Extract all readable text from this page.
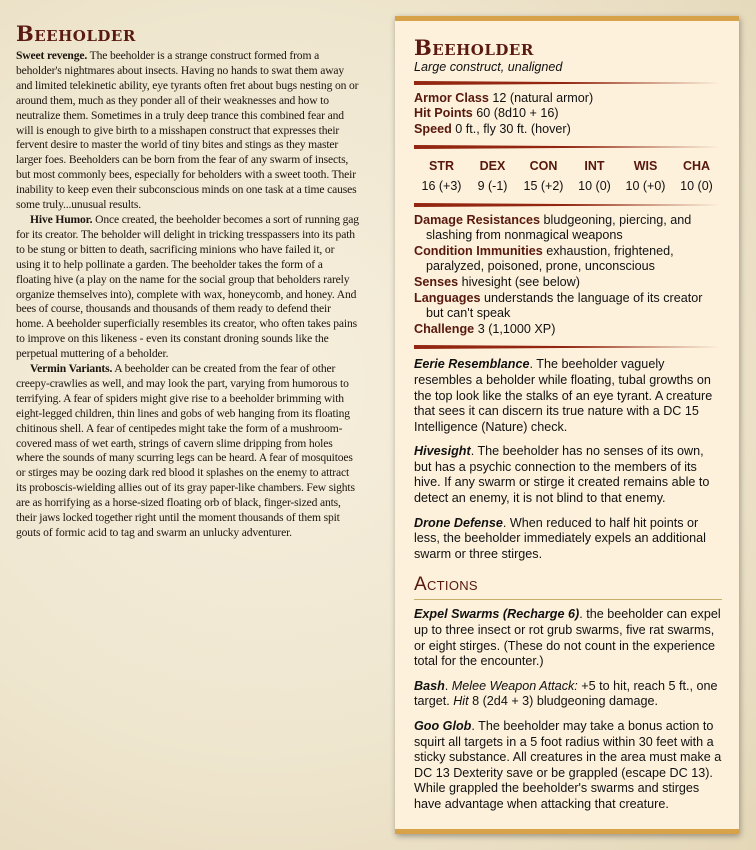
Beeholder

Sweet revenge. The beeholder is a strange construct formed from a beholder's nightmares about insects. Having no hands to swat them away and limited telekinetic ability, eye tyrants often fret about bugs nesting on or around them, much as they ponder all of their weaknesses and how to neutralize them. Sometimes in a truly deep trance this combined fear and will is enough to give birth to a misshapen construct that expresses their fervent desire to master the world of tiny bites and stings as they master larger foes. Beeholders can be born from the fear of any swarm of insects, but most commonly bees, especially for beholders with a sweet tooth. Their inability to keep even their subconscious minds on one task at a time causes some truly...unusual results.

Hive Humor. Once created, the beeholder becomes a sort of running gag for its creator. The beholder will delight in tricking tresspassers into its path to be stung or bitten to death, sacrificing minions who have failed it, or using it to help pollinate a garden. The beeholder takes the form of a floating hive (a play on the name for the social group that beholders rarely organize themselves into), complete with wax, honeycomb, and honey. And bees of course, thousands and thousands of them ready to defend their home. A beeholder superficially resembles its creator, who often takes pains to improve on this likeness - even its constant droning sounds like the perpetual muttering of a beholder.

Vermin Variants. A beeholder can be created from the fear of other creepy-crawlies as well, and may look the part, varying from humorous to terrifying. A fear of spiders might give rise to a beeholder brimming with eight-legged children, thin lines and gobs of web hanging from its floating chitinous shell. A fear of centipedes might take the form of a mushroom-covered mass of wet earth, strings of cavern slime dripping from holes where the sounds of many scurring legs can be heard. A fear of mosquitoes or stirges may be oozing dark red blood it splashes on the enemy to attract its proboscis-wielding allies out of its gray paper-like chambers. Few sights are as horrifying as a horse-sized floating orb of black, finger-sized ants, their jaws locked together right until the moment thousands of them spit gouts of formic acid to tag and swarm an unlucky adventurer.

Beeholder
Large construct, unaligned

Armor Class 12 (natural armor)

Hit Points 60 (8d10 + 16)

Speed 0 ft., fly 30 ft. (hover)

STR
16 (+3)
DEX
9 (-1)
CON
15 (+2)
INT
10 (0)
WIS
10 (+0)
CHA
10 (0)

Damage Resistances bludgeoning, piercing, and slashing from nonmagical weapons

Condition Immunities exhaustion, frightened, paralyzed, poisoned, prone, unconscious

Senses hivesight (see below)

Languages understands the language of its creator but can't speak

Challenge 3 (1,1000 XP)

Eerie Resemblance. The beeholder vaguely resembles a beholder while floating, tubal growths on the top look like the stalks of an eye tyrant. A creature that sees it can discern its true nature with a DC 15 Intelligence (Nature) check.

Hivesight. The beeholder has no senses of its own, but has a psychic connection to the members of its hive. If any swarm or stirge it created remains able to detect an enemy, it is not blind to that enemy.

Drone Defense. When reduced to half hit points or less, the beeholder immediately expels an additional swarm or three stirges.

Actions

Expel Swarms (Recharge 6). the beeholder can expel up to three insect or rot grub swarms, five rat swarms, or eight stirges. (These do not count in the experience total for the encounter.)

Bash. Melee Weapon Attack: +5 to hit, reach 5 ft., one target. Hit 8 (2d4 + 3) bludgeoning damage.

Goo Glob. The beeholder may take a bonus action to squirt all targets in a 5 foot radius within 30 feet with a sticky substance. All creatures in the area must make a DC 13 Dexterity save or be grappled (escape DC 13). While grappled the beeholder's swarms and stirges have advantage when attacking that creature.
